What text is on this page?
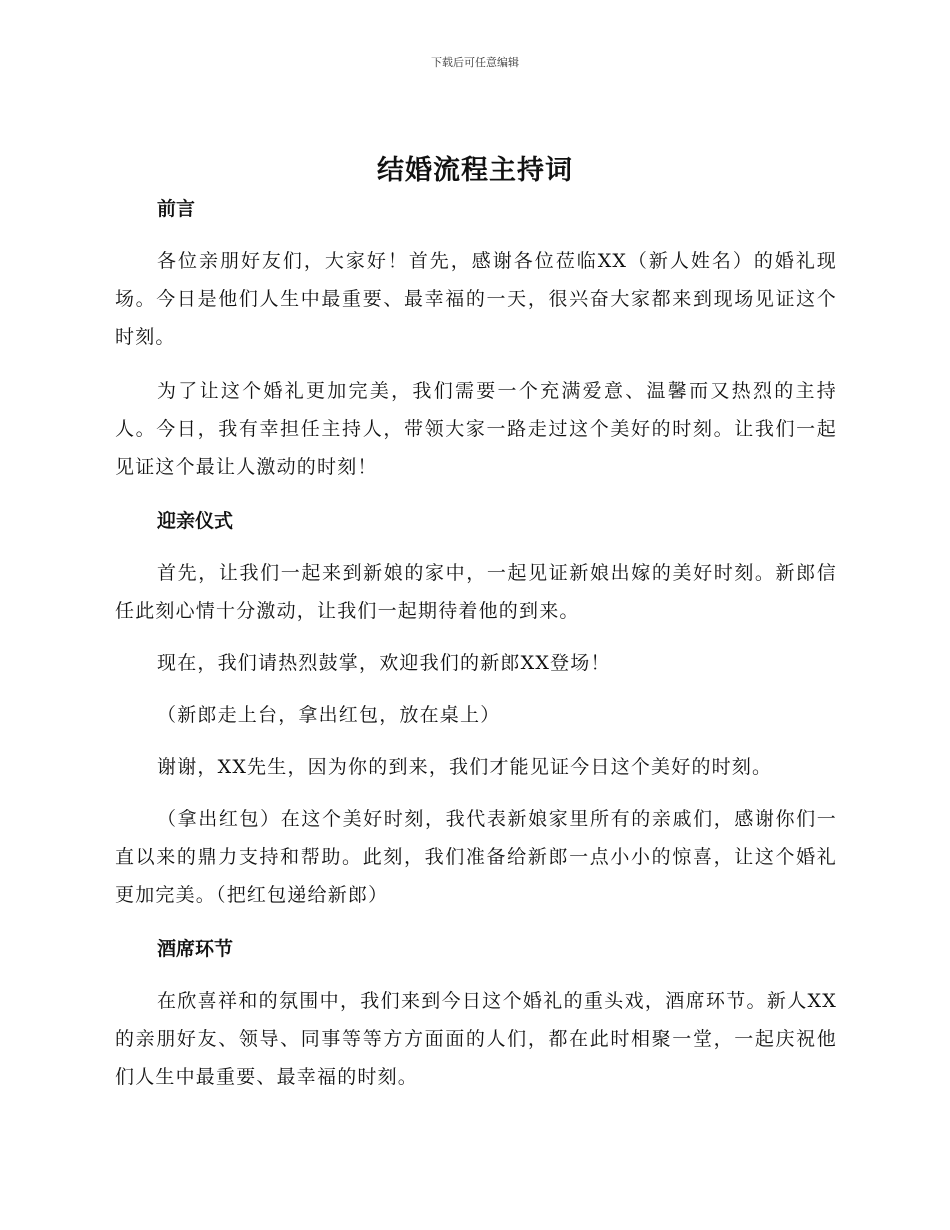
下载后可任意编辑
结婚流程主持词
前言

各位亲朋好友们，大家好！首先，感谢各位莅临XX（新人姓名）的婚礼现场。今日是他们人生中最重要、最幸福的一天，很兴奋大家都来到现场见证这个时刻。

为了让这个婚礼更加完美，我们需要一个充满爱意、温馨而又热烈的主持人。今日，我有幸担任主持人，带领大家一路走过这个美好的时刻。让我们一起见证这个最让人激动的时刻！

迎亲仪式

首先，让我们一起来到新娘的家中，一起见证新娘出嫁的美好时刻。新郎信任此刻心情十分激动，让我们一起期待着他的到来。

现在，我们请热烈鼓掌，欢迎我们的新郎XX登场！

（新郎走上台，拿出红包，放在桌上）

谢谢，XX先生，因为你的到来，我们才能见证今日这个美好的时刻。

（拿出红包）在这个美好时刻，我代表新娘家里所有的亲戚们，感谢你们一直以来的鼎力支持和帮助。此刻，我们准备给新郎一点小小的惊喜，让这个婚礼更加完美。（把红包递给新郎）

酒席环节

在欣喜祥和的氛围中，我们来到今日这个婚礼的重头戏，酒席环节。新人XX的亲朋好友、领导、同事等等方方面面的人们，都在此时相聚一堂，一起庆祝他们人生中最重要、最幸福的时刻。
